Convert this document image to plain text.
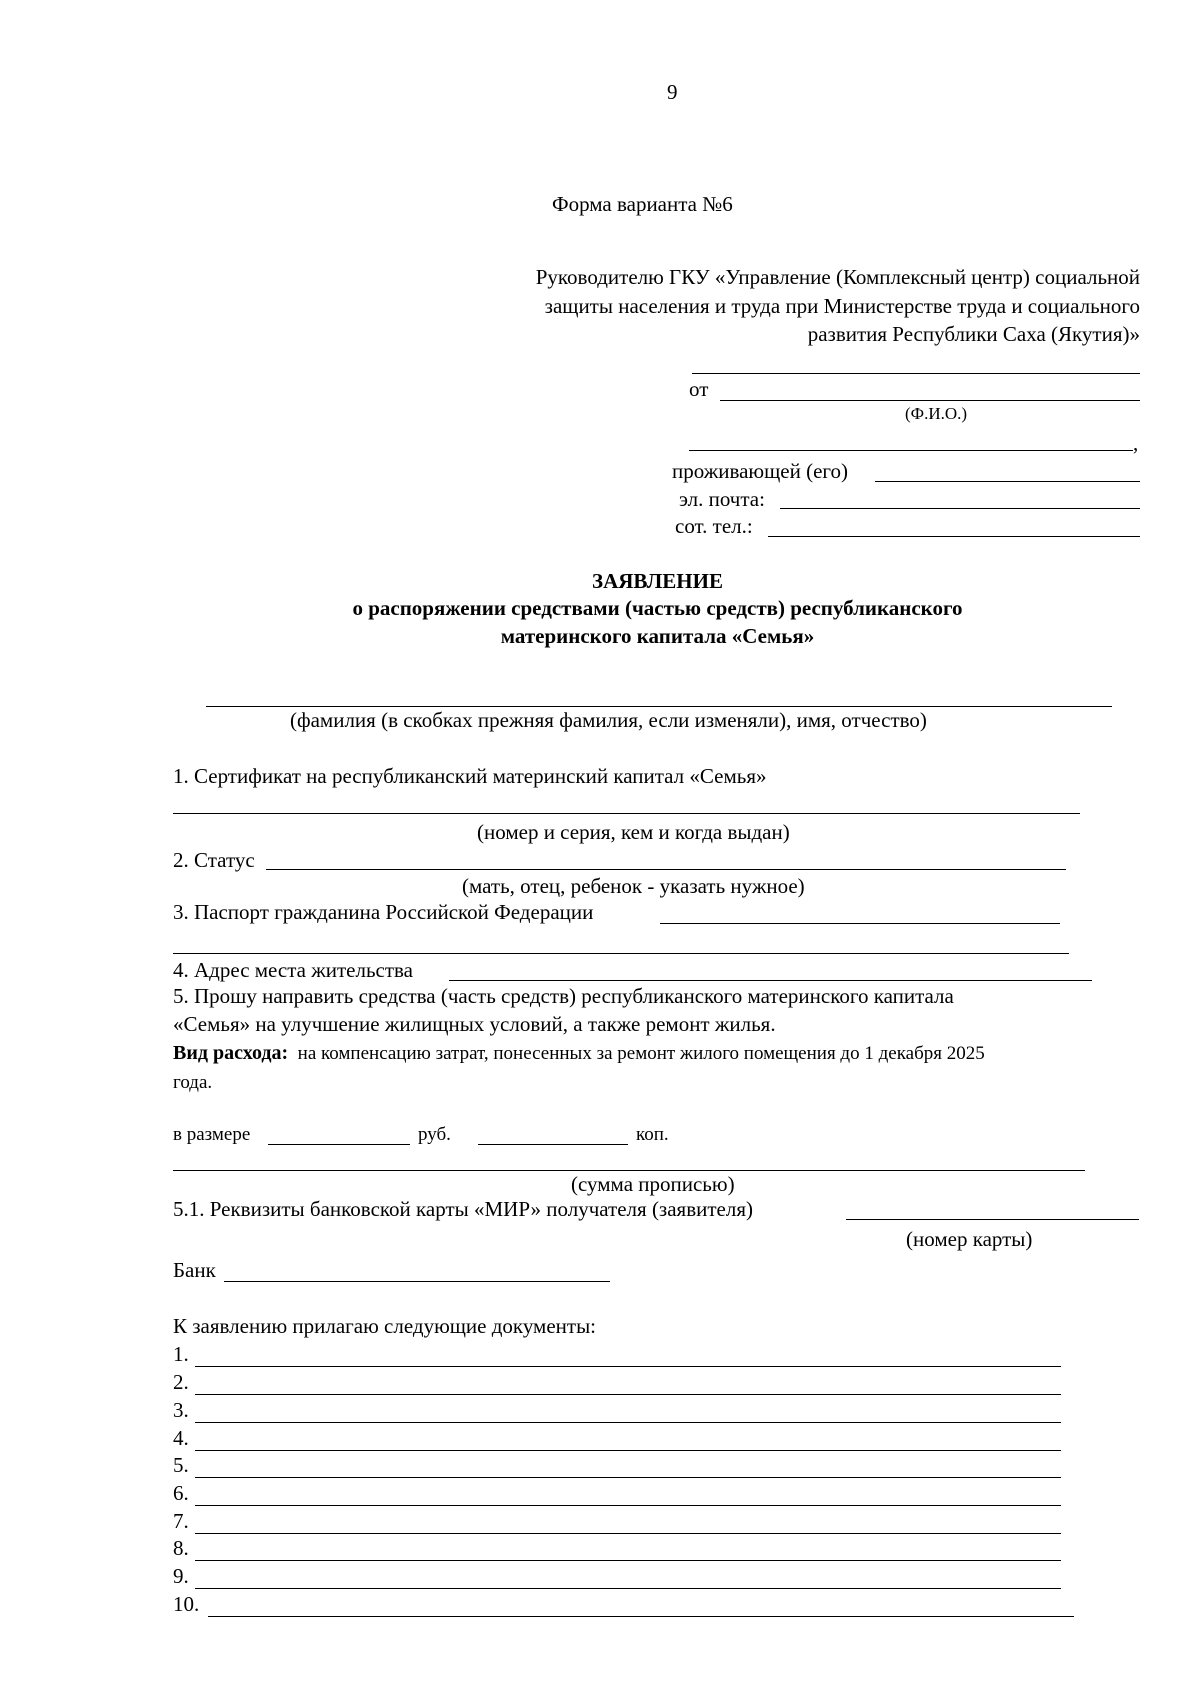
9
Форма варианта №6
Руководителю ГКУ «Управление (Комплексный центр) социальной
защиты населения и труда при Министерстве труда и социального
развития Республики Саха (Якутия)»
от
(Ф.И.О.)
,
проживающей (его)
эл. почта:
сот. тел.:
ЗАЯВЛЕНИЕ
о распоряжении средствами (частью средств) республиканского
материнского капитала «Семья»
(фамилия (в скобках прежняя фамилия, если изменяли), имя, отчество)
1. Сертификат на республиканский материнский капитал «Семья»
(номер и серия, кем и когда выдан)
2. Статус
(мать, отец, ребенок - указать нужное)
3. Паспорт гражданина Российской Федерации
4. Адрес места жительства
5. Прошу направить средства (часть средств) республиканского материнского капитала
«Семья» на улучшение жилищных условий, а также ремонт жилья.
Вид расхода: на компенсацию затрат, понесенных за ремонт жилого помещения до 1 декабря 2025
года.
в размере	руб.	коп.
(сумма прописью)
5.1. Реквизиты банковской карты «МИР» получателя (заявителя)
(номер карты)
Банк
К заявлению прилагаю следующие документы:
1.
2.
3.
4.
5.
6.
7.
8.
9.
10.
